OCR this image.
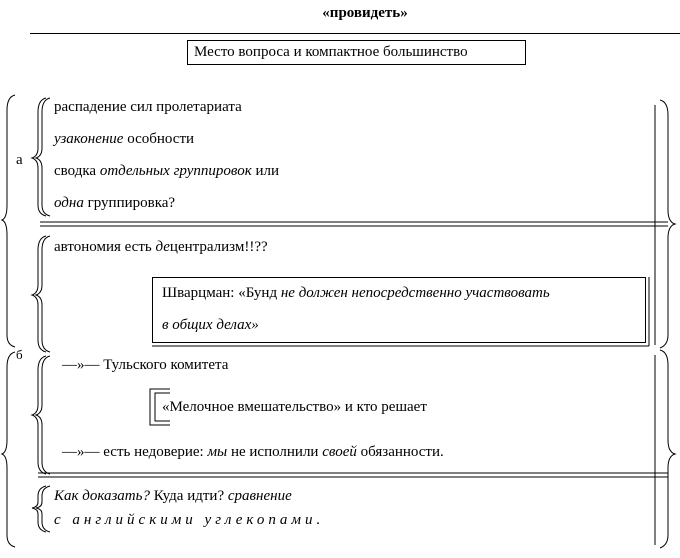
«провидеть»
Место вопроса и компактное большинство
а
распадение сил пролетариата
узаконение особности
сводка отдельных группировок или
одна группировка?
автономия есть децентрализм!!??
Шварцман: «Бунд не должен непосредственно участвовать
в общих делах»
б
—»— Тульского комитета
«Мелочное вмешательство» и кто решает
—»— есть недоверие: мы не исполнили своей обязанности.
Как доказать? Куда идти? сравнение
с английскими углекопами.
